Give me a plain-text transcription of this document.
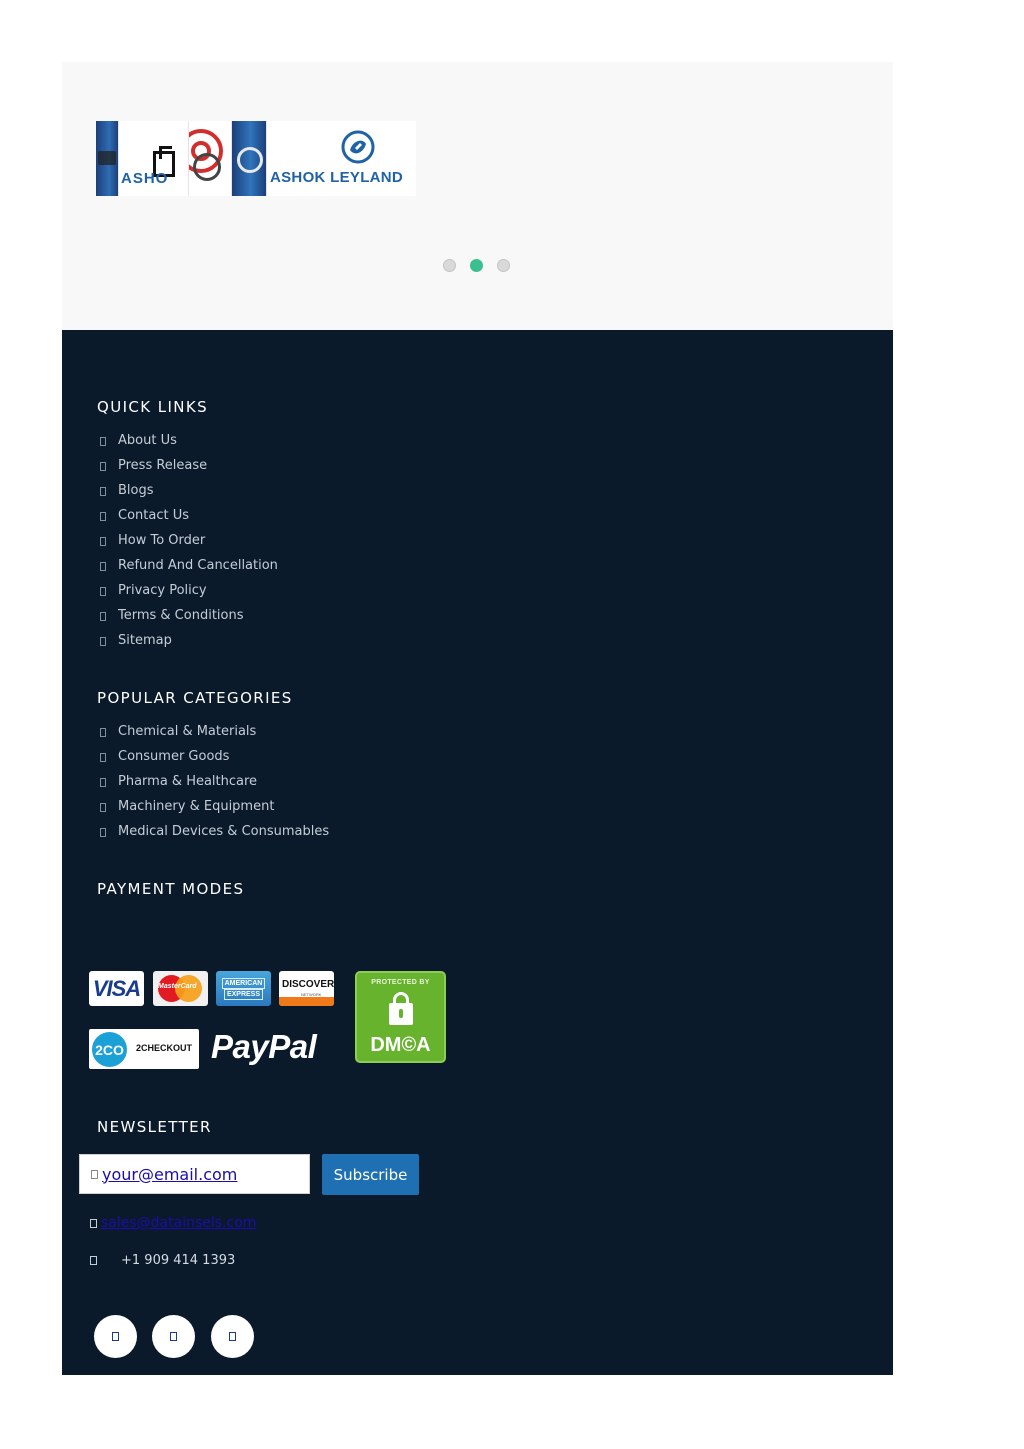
ASHO	ASHOK LEYLAND
QUICK LINKS
About Us
Press Release
Blogs
Contact Us
How To Order
Refund And Cancellation
Privacy Policy
Terms & Conditions
Sitemap
POPULAR CATEGORIES
Chemical & Materials
Consumer Goods
Pharma & Healthcare
Machinery & Equipment
Medical Devices & Consumables
PAYMENT MODES
VISA	MasterCard	AMERICAN
EXPRESS
DISCOVER
NETWORK
2CO	2CHECKOUT PayPal
PROTECTED BY
DM©A
NEWSLETTER
your@email.com
Subscribe
sales@datainsels.com
+1 909 414 1393
